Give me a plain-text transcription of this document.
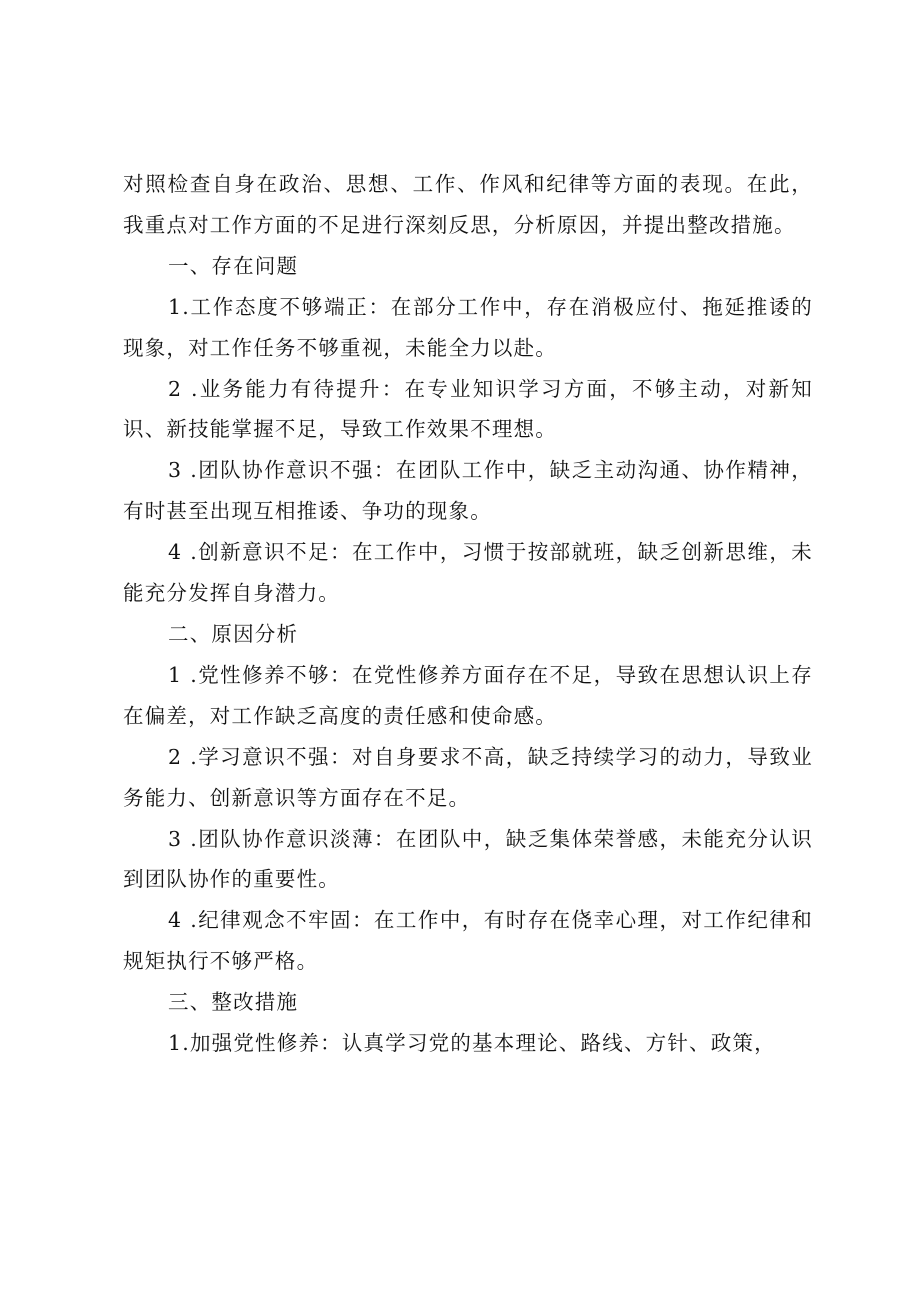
对照检查自身在政治、思想、工作、作风和纪律等方面的表现。在此，我重点对工作方面的不足进行深刻反思，分析原因，并提出整改措施。

一、存在问题

1.工作态度不够端正：在部分工作中，存在消极应付、拖延推诿的现象，对工作任务不够重视，未能全力以赴。

2 .业务能力有待提升：在专业知识学习方面，不够主动，对新知识、新技能掌握不足，导致工作效果不理想。

3 .团队协作意识不强：在团队工作中，缺乏主动沟通、协作精神，有时甚至出现互相推诿、争功的现象。

4 .创新意识不足：在工作中，习惯于按部就班，缺乏创新思维，未能充分发挥自身潜力。

二、原因分析

1 .党性修养不够：在党性修养方面存在不足，导致在思想认识上存在偏差，对工作缺乏高度的责任感和使命感。

2 .学习意识不强：对自身要求不高，缺乏持续学习的动力，导致业务能力、创新意识等方面存在不足。

3 .团队协作意识淡薄：在团队中，缺乏集体荣誉感，未能充分认识到团队协作的重要性。

4 .纪律观念不牢固：在工作中，有时存在侥幸心理，对工作纪律和规矩执行不够严格。

三、整改措施

1.加强党性修养：认真学习党的基本理论、路线、方针、政策，
